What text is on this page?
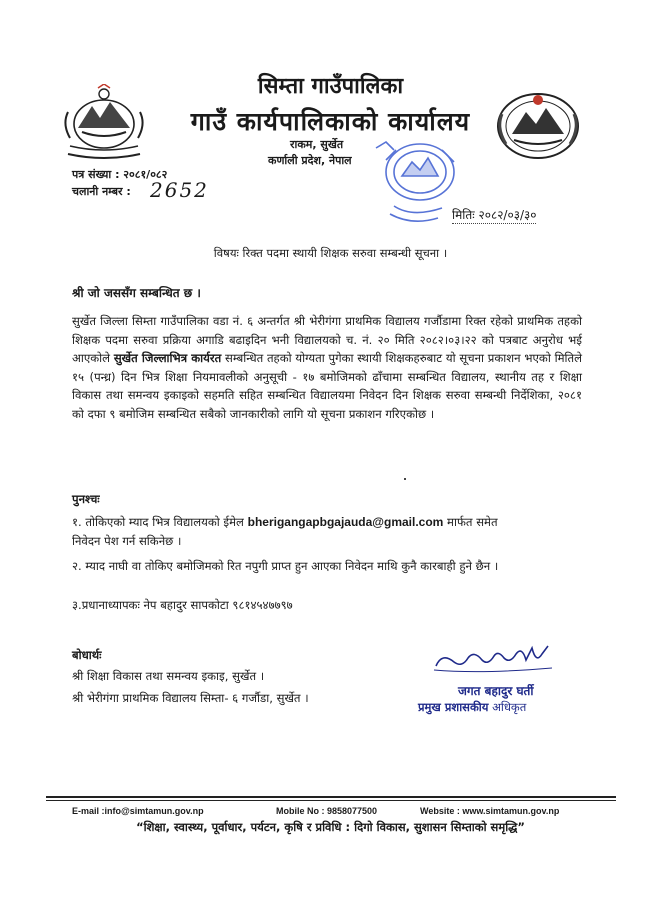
सिम्ता गाउँपालिका
गाउँ कार्यपालिकाको कार्यालय
राकम, सुर्खेत
कर्णाली प्रदेश, नेपाल
पत्र संख्या : २०८१/०८२
चलानी नम्बर : 2652
मितिः २०८२/०३/३०
विषयः रिक्त पदमा स्थायी शिक्षक सरुवा सम्बन्धी सूचना ।
श्री जो जससँग सम्बन्धित छ ।
सुर्खेत जिल्ला सिम्ता गाउँपालिका वडा नं. ६ अन्तर्गत श्री भेरीगंगा प्राथमिक विद्यालय गर्जौडामा रिक्त रहेको प्राथमिक तहको शिक्षक पदमा सरुवा प्रक्रिया अगाडि बढाइदिन भनी विद्यालयको च. नं. २० मिति २०८२।०३।२२ को पत्रबाट अनुरोध भई आएकोले सुर्खेत जिल्लाभित्र कार्यरत सम्बन्धित तहको योग्यता पुगेका स्थायी शिक्षकहरुबाट यो सूचना प्रकाशन भएको मितिले १५ (पन्ध्र) दिन भित्र शिक्षा नियमावलीको अनुसूची - १७ बमोजिमको ढाँचामा सम्बन्धित विद्यालय, स्थानीय तह र शिक्षा विकास तथा समन्वय इकाइको सहमति सहित सम्बन्धित विद्यालयमा निवेदन दिन शिक्षक सरुवा सम्बन्धी निर्देशिका, २०८१ को दफा ९ बमोजिम सम्बन्धित सबैको जानकारीको लागि यो सूचना प्रकाशन गरिएकोछ ।
पुनश्चः
१. तोकिएको म्याद भित्र विद्यालयको ईमेल bherigangapbgajauda@gmail.com मार्फत समेत
निवेदन पेश गर्न सकिनेछ ।
२. म्याद नाघी वा तोकिए बमोजिमको रित नपुगी प्राप्त हुन आएका निवेदन माथि कुनै कारबाही हुने छैन ।
३.प्रधानाध्यापकः नेप बहादुर सापकोटा ९८१४५४७७९७
बोधार्थः
श्री शिक्षा विकास तथा समन्वय इकाइ, सुर्खेत ।
श्री भेरीगंगा प्राथमिक विद्यालय सिम्ता- ६ गर्जौडा, सुर्खेत ।	जगत बहादुर घर्ती
प्रमुख प्रशासकीय अधिकृत
E-mail :info@simtamun.gov.np	Mobile No : 9858077500	Website : www.simtamun.gov.np
“शिक्षा, स्वास्थ्य, पूर्वाधार, पर्यटन, कृषि र प्रविधि : दिगो विकास, सुशासन सिम्ताको समृद्धि”
